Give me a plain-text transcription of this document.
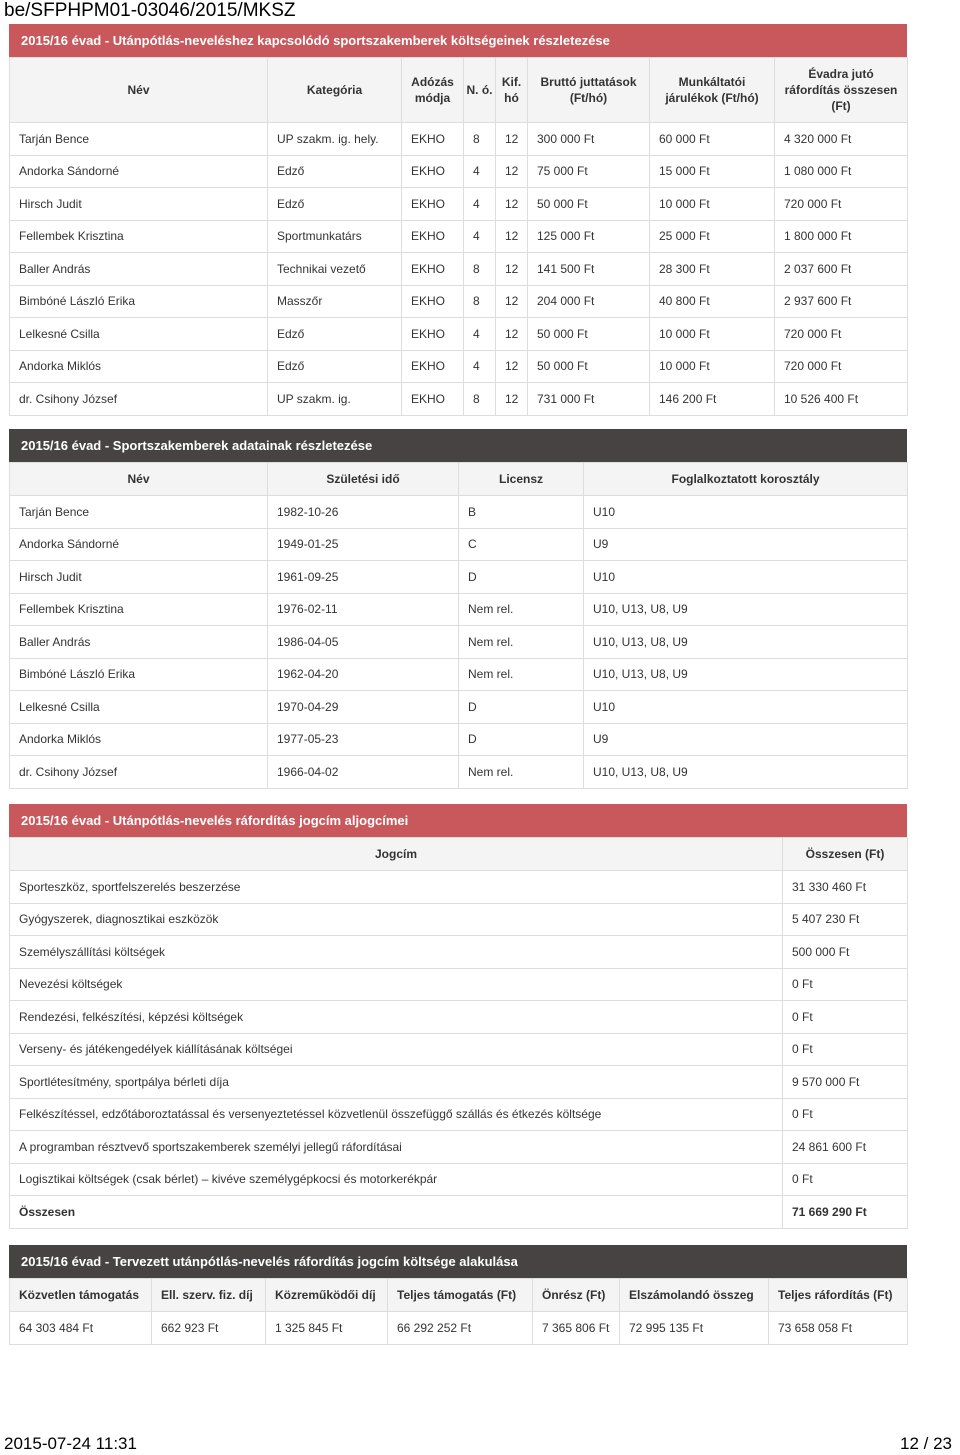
be/SFPHPM01-03046/2015/MKSZ
2015/16 évad - Utánpótlás-neveléshez kapcsolódó sportszakemberek költségeinek részletezése
Név	Kategória	Adózás módja	N. ó.	Kif. hó	Bruttó juttatások (Ft/hó)	Munkáltatói járulékok (Ft/hó)	Évadra jutó ráfordítás összesen (Ft)
Tarján Bence	UP szakm. ig. hely.	EKHO	8	12	300 000 Ft	60 000 Ft	4 320 000 Ft
Andorka Sándorné	Edző	EKHO	4	12	75 000 Ft	15 000 Ft	1 080 000 Ft
Hirsch Judit	Edző	EKHO	4	12	50 000 Ft	10 000 Ft	720 000 Ft
Fellembek Krisztina	Sportmunkatárs	EKHO	4	12	125 000 Ft	25 000 Ft	1 800 000 Ft
Baller András	Technikai vezető	EKHO	8	12	141 500 Ft	28 300 Ft	2 037 600 Ft
Bimbóné László Erika	Masszőr	EKHO	8	12	204 000 Ft	40 800 Ft	2 937 600 Ft
Lelkesné Csilla	Edző	EKHO	4	12	50 000 Ft	10 000 Ft	720 000 Ft
Andorka Miklós	Edző	EKHO	4	12	50 000 Ft	10 000 Ft	720 000 Ft
dr. Csihony József	UP szakm. ig.	EKHO	8	12	731 000 Ft	146 200 Ft	10 526 400 Ft
2015/16 évad - Sportszakemberek adatainak részletezése
Név	Születési idő	Licensz	Foglalkoztatott korosztály
Tarján Bence	1982-10-26	B	U10
Andorka Sándorné	1949-01-25	C	U9
Hirsch Judit	1961-09-25	D	U10
Fellembek Krisztina	1976-02-11	Nem rel.	U10, U13, U8, U9
Baller András	1986-04-05	Nem rel.	U10, U13, U8, U9
Bimbóné László Erika	1962-04-20	Nem rel.	U10, U13, U8, U9
Lelkesné Csilla	1970-04-29	D	U10
Andorka Miklós	1977-05-23	D	U9
dr. Csihony József	1966-04-02	Nem rel.	U10, U13, U8, U9
2015/16 évad - Utánpótlás-nevelés ráfordítás jogcím aljogcímei
Jogcím	Összesen (Ft)
Sporteszköz, sportfelszerelés beszerzése	31 330 460 Ft
Gyógyszerek, diagnosztikai eszközök	5 407 230 Ft
Személyszállítási költségek	500 000 Ft
Nevezési költségek	0 Ft
Rendezési, felkészítési, képzési költségek	0 Ft
Verseny- és játékengedélyek kiállításának költségei	0 Ft
Sportlétesítmény, sportpálya bérleti díja	9 570 000 Ft
Felkészítéssel, edzőtáboroztatással és versenyeztetéssel közvetlenül összefüggő szállás és étkezés költsége	0 Ft
A programban résztvevő sportszakemberek személyi jellegű ráfordításai	24 861 600 Ft
Logisztikai költségek (csak bérlet) – kivéve személygépkocsi és motorkerékpár	0 Ft
Összesen	71 669 290 Ft
2015/16 évad - Tervezett utánpótlás-nevelés ráfordítás jogcím költsége alakulása
Közvetlen támogatás	Ell. szerv. fiz. díj	Közreműködői díj	Teljes támogatás (Ft)	Önrész (Ft)	Elszámolandó összeg	Teljes ráfordítás (Ft)
64 303 484 Ft	662 923 Ft	1 325 845 Ft	66 292 252 Ft	7 365 806 Ft	72 995 135 Ft	73 658 058 Ft
2015-07-24 11:31	12 / 23
